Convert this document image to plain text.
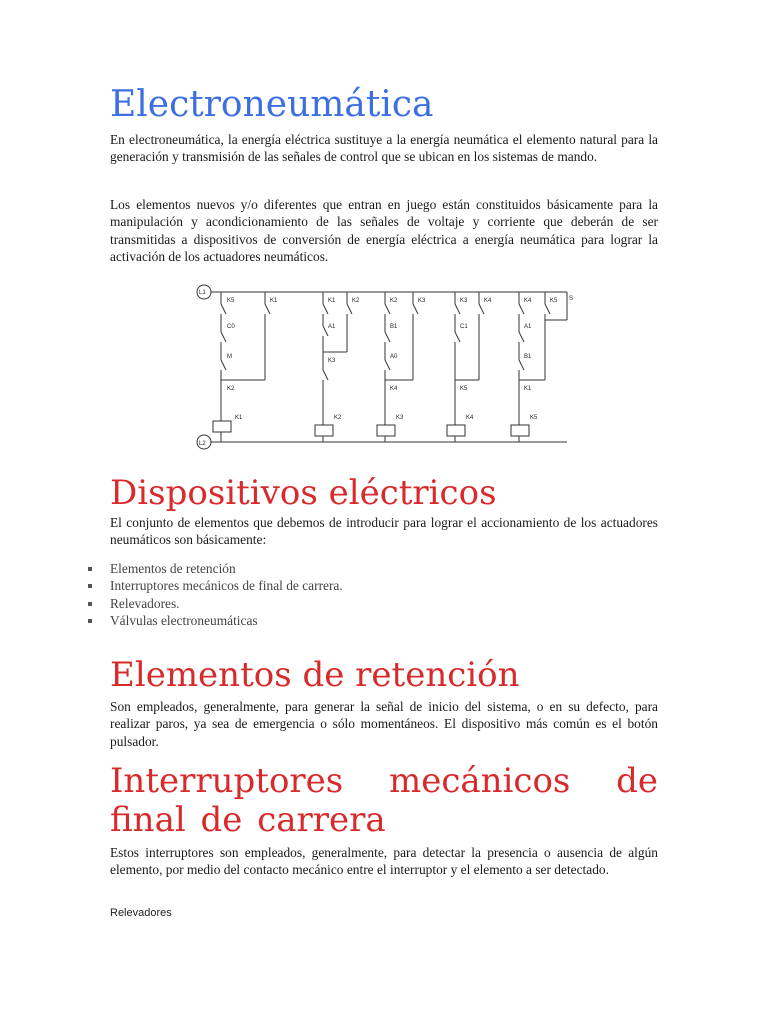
Electroneumática

En electroneumática, la energía eléctrica sustituye a la energía neumática el elemento natural para la generación y transmisión de las señales de control que se ubican en los sistemas de mando.

Los elementos nuevos y/o diferentes que entran en juego están constituidos básicamente para la manipulación y acondicionamiento de las señales de voltaje y corriente que deberán de ser transmitidas a dispositivos de conversión de energía eléctrica a energía neumática para lograr la activación de los actuadores neumáticos.

L1
L2
K5	K1	K1	K2	K2	K3	K3	K4	K4	K5 S
C0
M
K2
A1
K3
B1
A0
K4
C1
K5
A1
B1
K1
K1	K2	K3	K4	K5
Dispositivos eléctricos

El conjunto de elementos que debemos de introducir para lograr el accionamiento de los actuadores neumáticos son básicamente:

Elementos de retención
Interruptores mecánicos de final de carrera.
Relevadores.
Válvulas electroneumáticas
Elementos de retención

Son empleados, generalmente, para generar la señal de inicio del sistema, o en su defecto, para realizar paros, ya sea de emergencia o sólo momentáneos. El dispositivo más común es el botón pulsador.

Interruptores mecánicos de final de carrera

Estos interruptores son empleados, generalmente, para detectar la presencia o ausencia de algún elemento, por medio del contacto mecánico entre el interruptor y el elemento a ser detectado.

Relevadores
